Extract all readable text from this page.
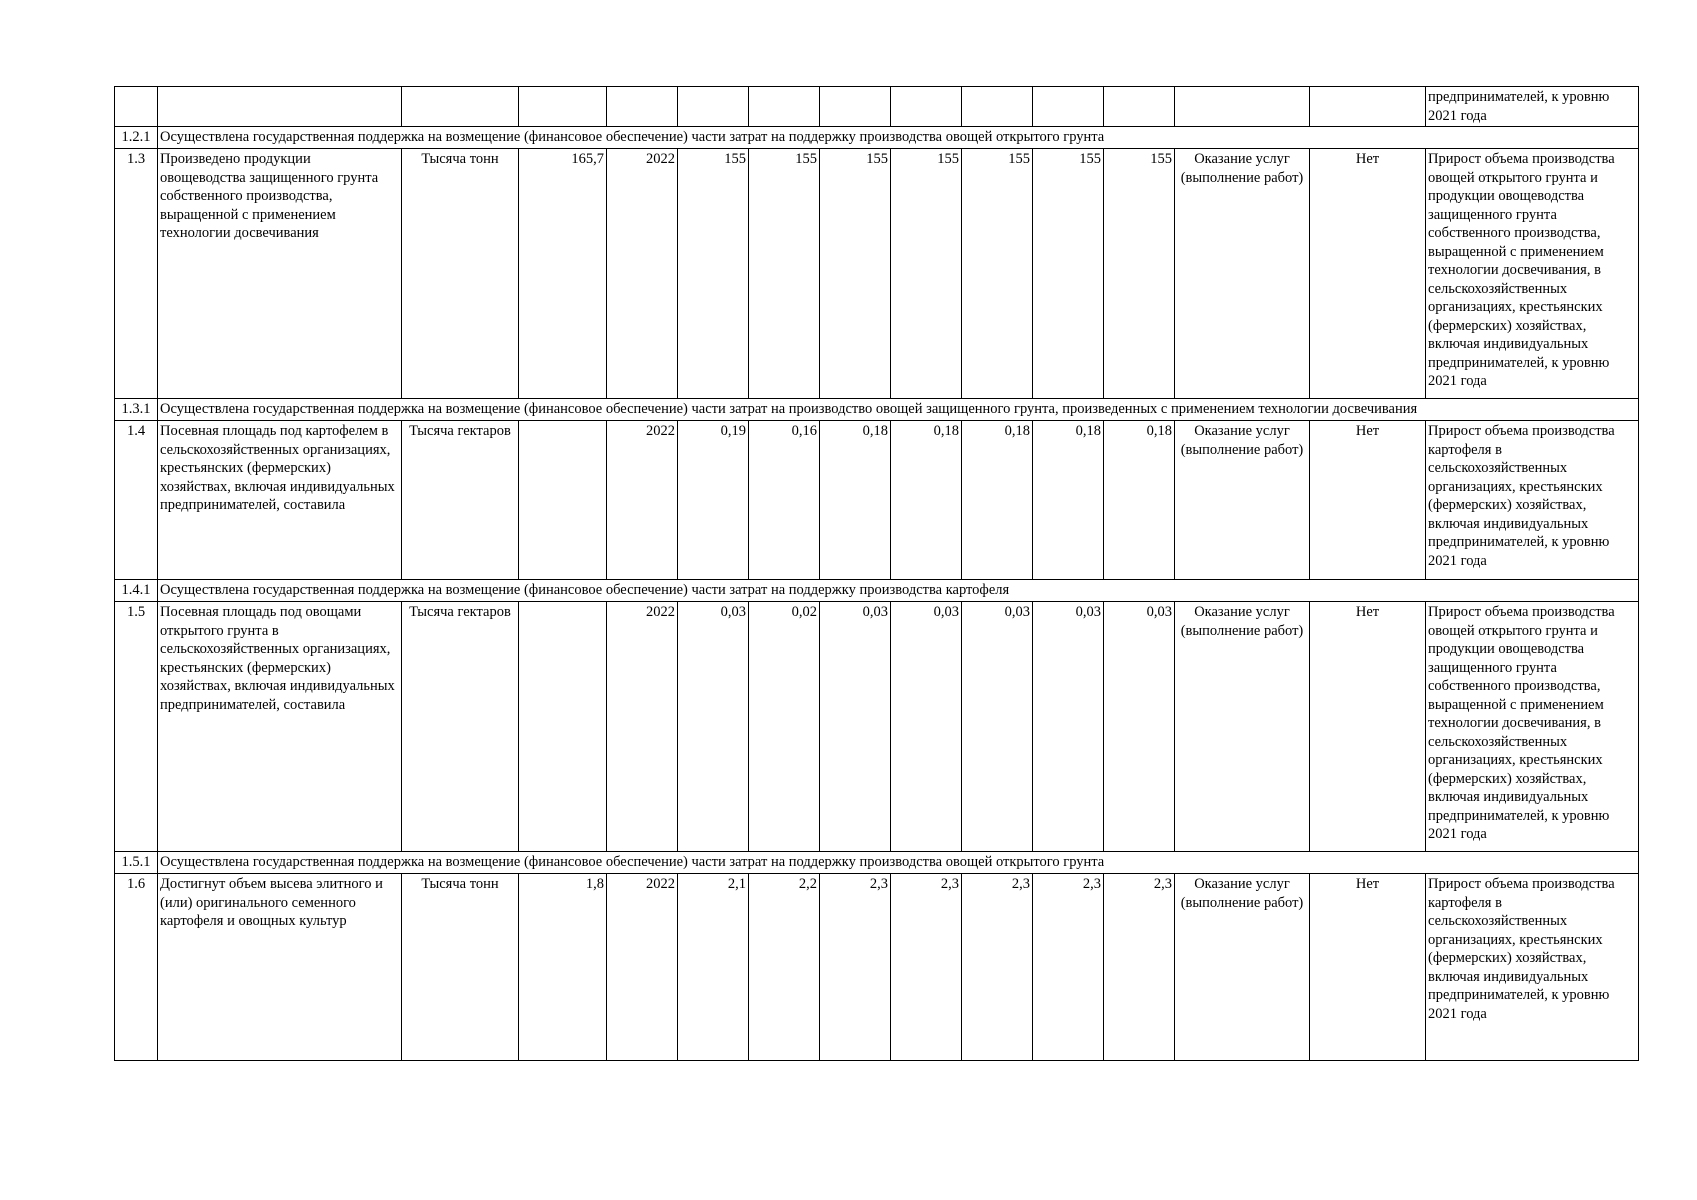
														предпринимателей, к уровню 2021 года
1.2.1	Осуществлена государственная поддержка на возмещение (финансовое обеспечение) части затрат на поддержку производства овощей открытого грунта													
1.3	Произведено продукции овощеводства защищенного грунта собственного производства, выращенной с применением технологии досвечивания	Тысяча тонн	165,7	2022	155	155	155	155	155	155	155	Оказание услуг (выполнение работ)	Нет	Прирост объема производства овощей открытого грунта и продукции овощеводства защищенного грунта собственного производства, выращенной с применением технологии досвечивания, в сельскохозяйственных организациях, крестьянских (фермерских) хозяйствах, включая индивидуальных предпринимателей, к уровню 2021 года
1.3.1	Осуществлена государственная поддержка на возмещение (финансовое обеспечение) части затрат на производство овощей защищенного грунта, произведенных с применением технологии досвечивания													
1.4	Посевная площадь под картофелем в сельскохозяйственных организациях, крестьянских (фермерских) хозяйствах, включая индивидуальных предпринимателей, составила	Тысяча гектаров		2022	0,19	0,16	0,18	0,18	0,18	0,18	0,18	Оказание услуг (выполнение работ)	Нет	Прирост объема производства картофеля в сельскохозяйственных организациях, крестьянских (фермерских) хозяйствах, включая индивидуальных предпринимателей, к уровню 2021 года
1.4.1	Осуществлена государственная поддержка на возмещение (финансовое обеспечение) части затрат на поддержку производства картофеля													
1.5	Посевная площадь под овощами открытого грунта в сельскохозяйственных организациях, крестьянских (фермерских) хозяйствах, включая индивидуальных предпринимателей, составила	Тысяча гектаров		2022	0,03	0,02	0,03	0,03	0,03	0,03	0,03	Оказание услуг (выполнение работ)	Нет	Прирост объема производства овощей открытого грунта и продукции овощеводства защищенного грунта собственного производства, выращенной с применением технологии досвечивания, в сельскохозяйственных организациях, крестьянских (фермерских) хозяйствах, включая индивидуальных предпринимателей, к уровню 2021 года
1.5.1	Осуществлена государственная поддержка на возмещение (финансовое обеспечение) части затрат на поддержку производства овощей открытого грунта													
1.6	Достигнут объем высева элитного и (или) оригинального семенного картофеля и овощных культур	Тысяча тонн	1,8	2022	2,1	2,2	2,3	2,3	2,3	2,3	2,3	Оказание услуг (выполнение работ)	Нет	Прирост объема производства картофеля в сельскохозяйственных организациях, крестьянских (фермерских) хозяйствах, включая индивидуальных предпринимателей, к уровню 2021 года
